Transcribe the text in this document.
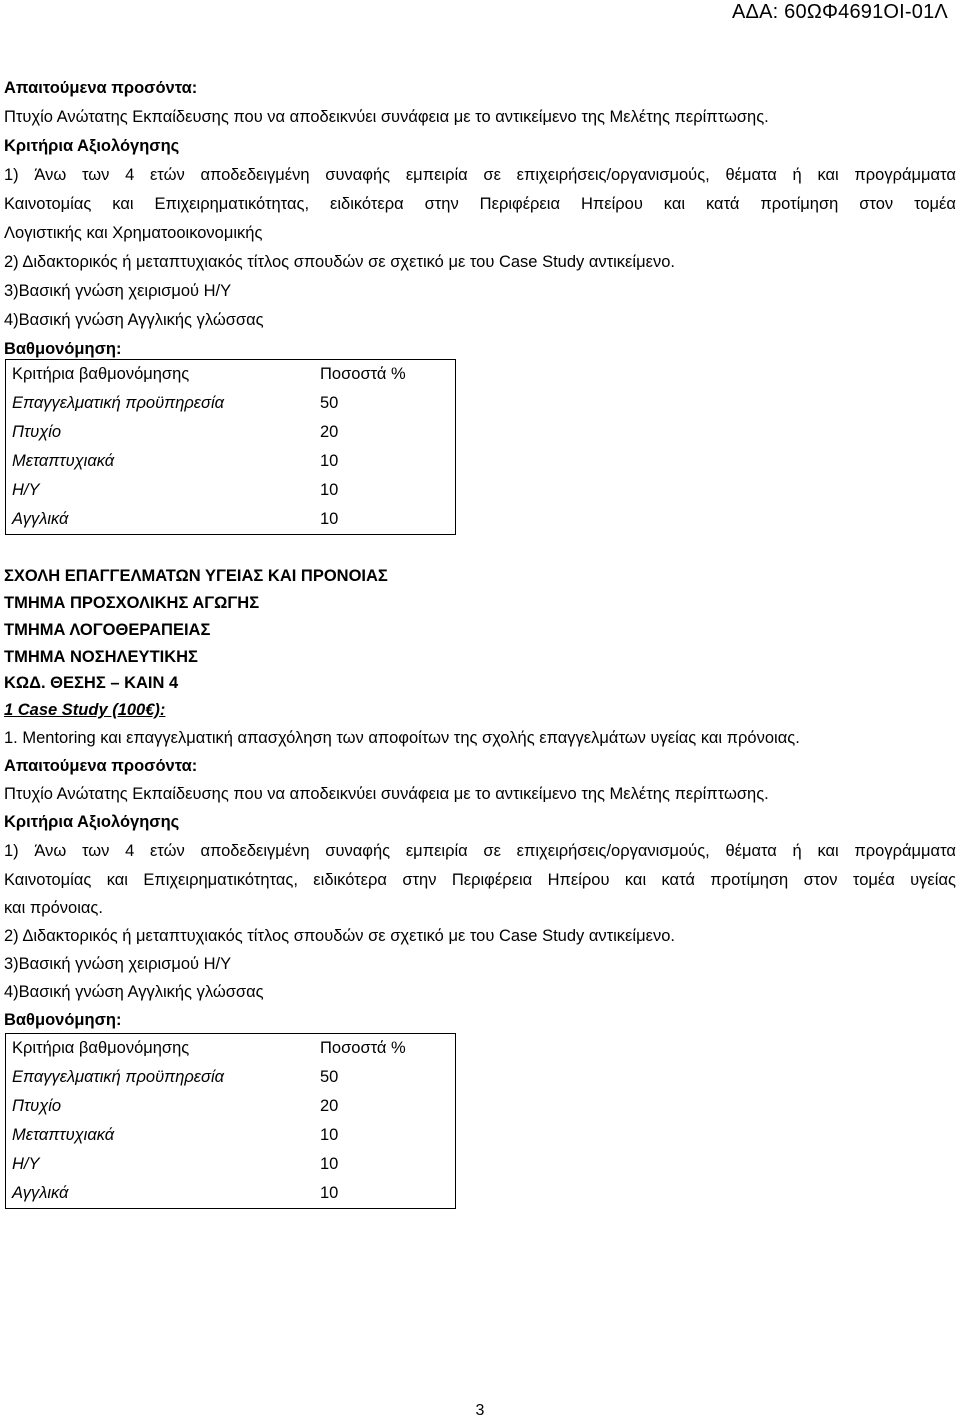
ΑΔΑ: 60ΩΦ4691ΟΙ-01Λ
Απαιτούμενα προσόντα:
Πτυχίο Ανώτατης Εκπαίδευσης που να αποδεικνύει συνάφεια με το αντικείμενο της Μελέτης περίπτωσης.
Κριτήρια Αξιολόγησης
1) Άνω των 4 ετών αποδεδειγμένη συναφής εμπειρία σε επιχειρήσεις/οργανισμούς, θέματα ή και προγράμματα
Καινοτομίας και Επιχειρηματικότητας, ειδικότερα στην Περιφέρεια Ηπείρου και κατά προτίμηση στον τομέα
Λογιστικής και Χρηματοοικονομικής
2) Διδακτορικός ή μεταπτυχιακός τίτλος σπουδών σε σχετικό με του Case Study αντικείμενο.
3)Βασική γνώση χειρισμού Η/Υ
4)Βασική γνώση Αγγλικής γλώσσας
Βαθμονόμηση:
Κριτήρια βαθμονόμησης	Ποσοστά %
Επαγγελματική προϋπηρεσία	50
Πτυχίο	20
Μεταπτυχιακά	10
Η/Υ	10
Αγγλικά	10
ΣΧΟΛΗ ΕΠΑΓΓΕΛΜΑΤΩΝ ΥΓΕΙΑΣ ΚΑΙ ΠΡΟΝΟΙΑΣ
ΤΜΗΜΑ ΠΡΟΣΧΟΛΙΚΗΣ ΑΓΩΓΗΣ
ΤΜΗΜΑ ΛΟΓΟΘΕΡΑΠΕΙΑΣ
ΤΜΗΜΑ ΝΟΣΗΛΕΥΤΙΚΗΣ
ΚΩΔ. ΘΕΣΗΣ – ΚΑΙΝ 4
1 Case Study (100€):
1. Mentoring και επαγγελματική απασχόληση των αποφοίτων της σχολής επαγγελμάτων υγείας και πρόνοιας.
Απαιτούμενα προσόντα:
Πτυχίο Ανώτατης Εκπαίδευσης που να αποδεικνύει συνάφεια με το αντικείμενο της Μελέτης περίπτωσης.
Κριτήρια Αξιολόγησης
1) Άνω των 4 ετών αποδεδειγμένη συναφής εμπειρία σε επιχειρήσεις/οργανισμούς, θέματα ή και προγράμματα
Καινοτομίας και Επιχειρηματικότητας, ειδικότερα στην Περιφέρεια Ηπείρου και κατά προτίμηση στον τομέα υγείας
και πρόνοιας.
2) Διδακτορικός ή μεταπτυχιακός τίτλος σπουδών σε σχετικό με του Case Study αντικείμενο.
3)Βασική γνώση χειρισμού Η/Υ
4)Βασική γνώση Αγγλικής γλώσσας
Βαθμονόμηση:
Κριτήρια βαθμονόμησης	Ποσοστά %
Επαγγελματική προϋπηρεσία	50
Πτυχίο	20
Μεταπτυχιακά	10
Η/Υ	10
Αγγλικά	10
3
